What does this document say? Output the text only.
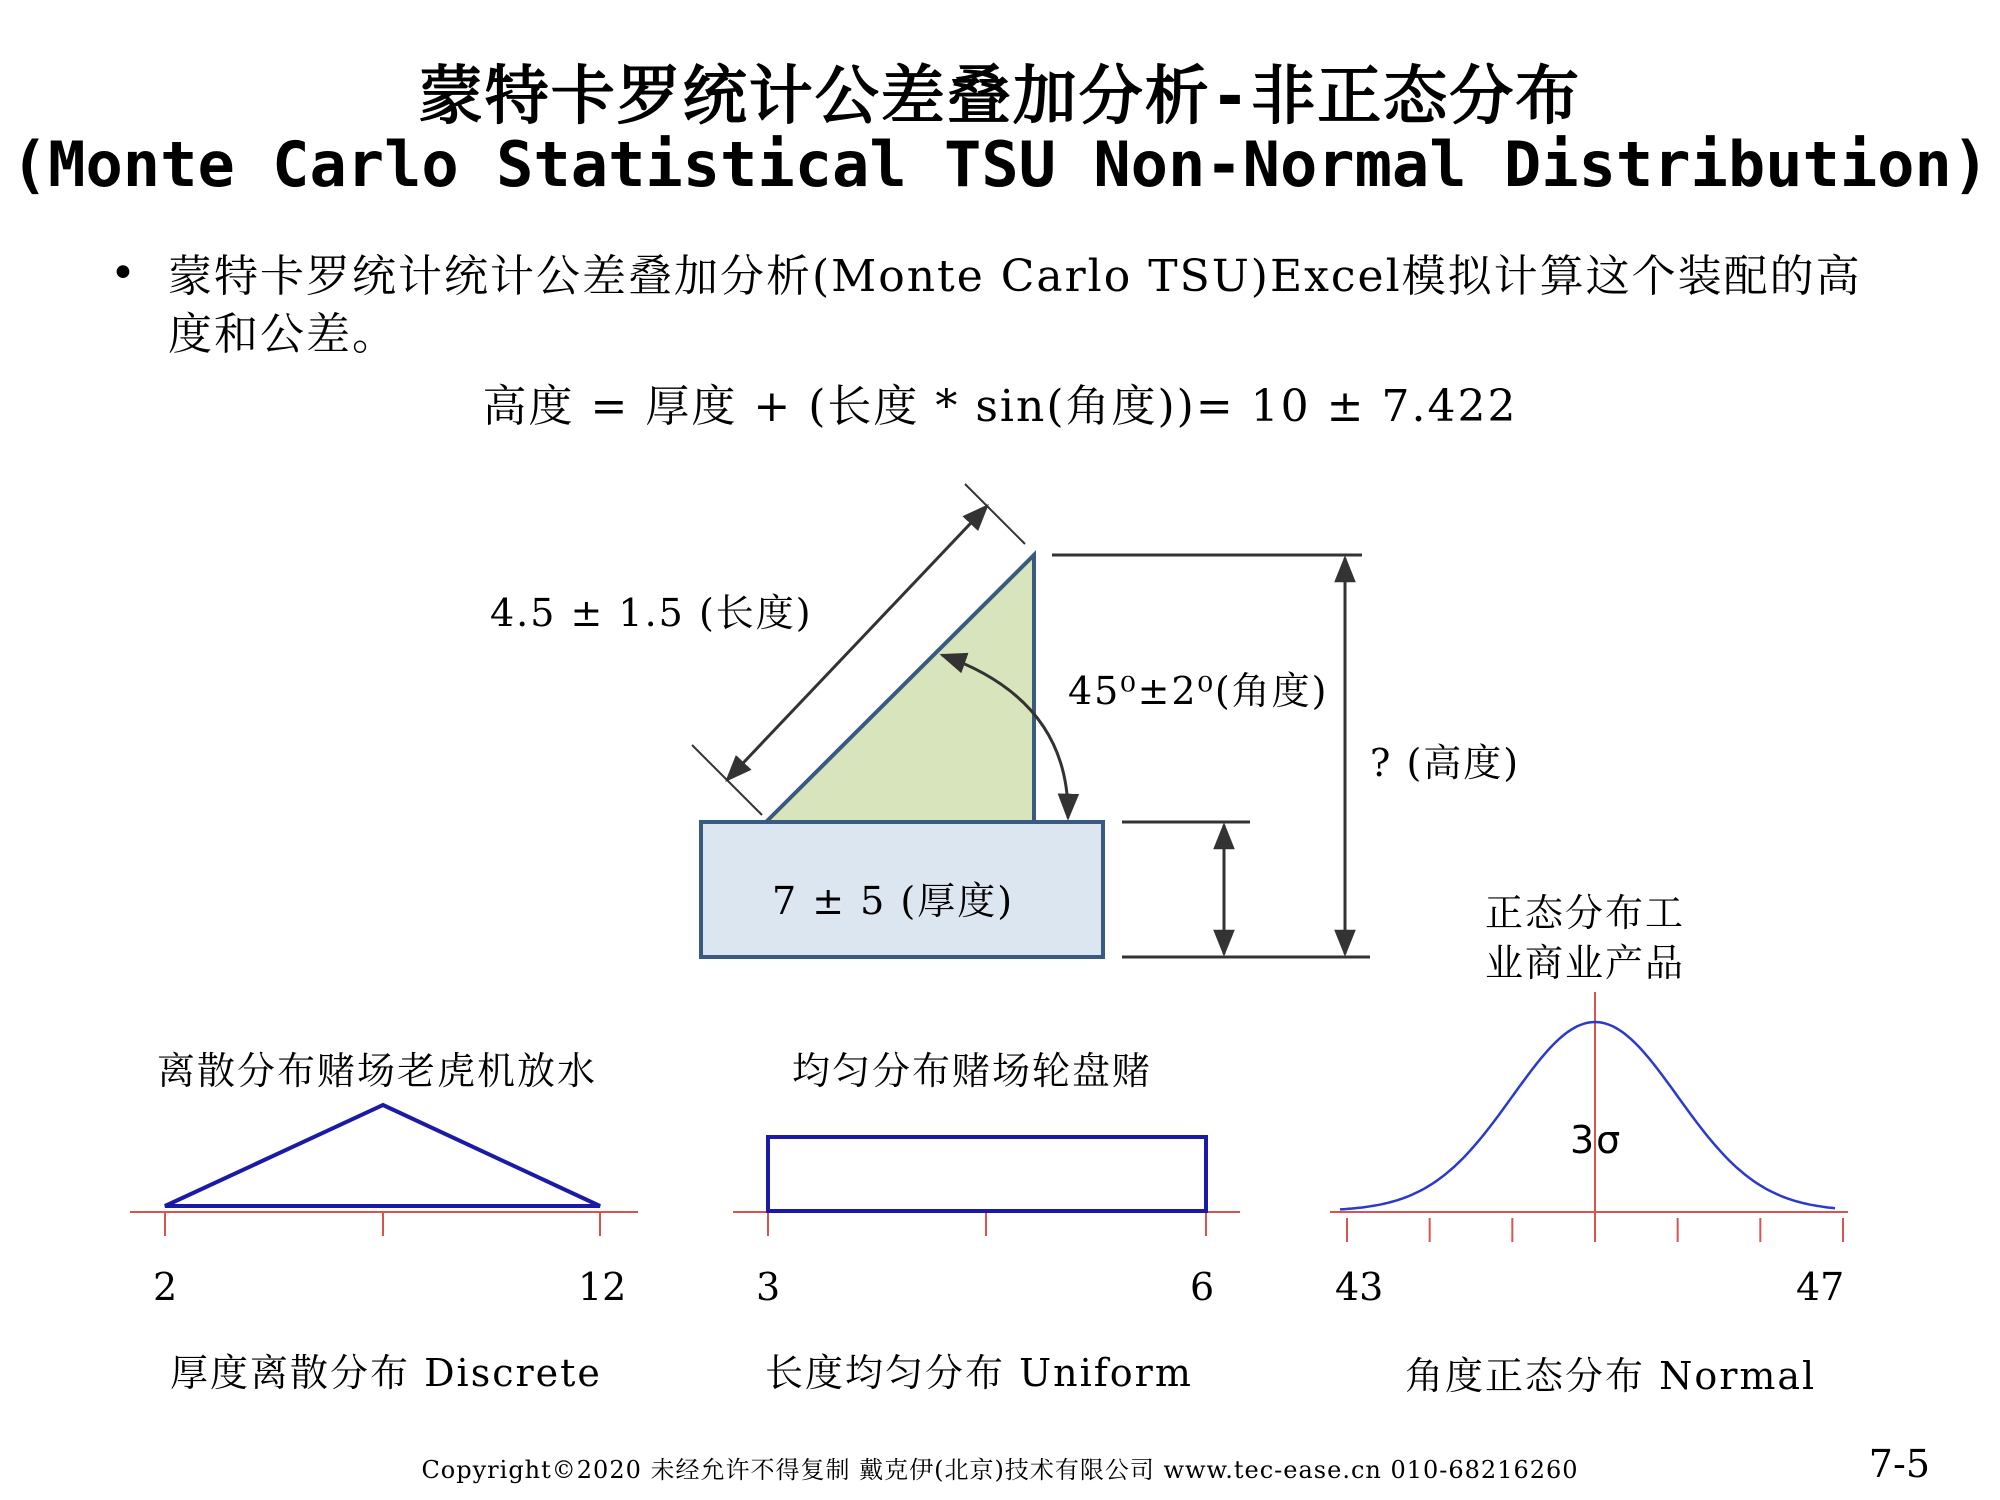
蒙特卡罗统计公差叠加分析-非正态分布
(Monte Carlo Statistical TSU Non-Normal Distribution)
• 蒙特卡罗统计统计公差叠加分析(Monte Carlo TSU)Excel模拟计算这个装配的高度和公差。
高度 = 厚度 + (长度 * sin(角度))= 10 ± 7.422
4.5 ± 1.5 (长度)
45⁰±2⁰(角度)
? (高度)
7 ± 5 (厚度)	正态分布工
业商业产品
离散分布赌场老虎机放水	均匀分布赌场轮盘赌
3σ
2	12	3	6	43	47
厚度离散分布 Discrete	长度均匀分布 Uniform	角度正态分布 Normal
Copyright©2020 未经允许不得复制 戴克伊(北京)技术有限公司 www.tec-ease.cn 010-68216260	7-5
